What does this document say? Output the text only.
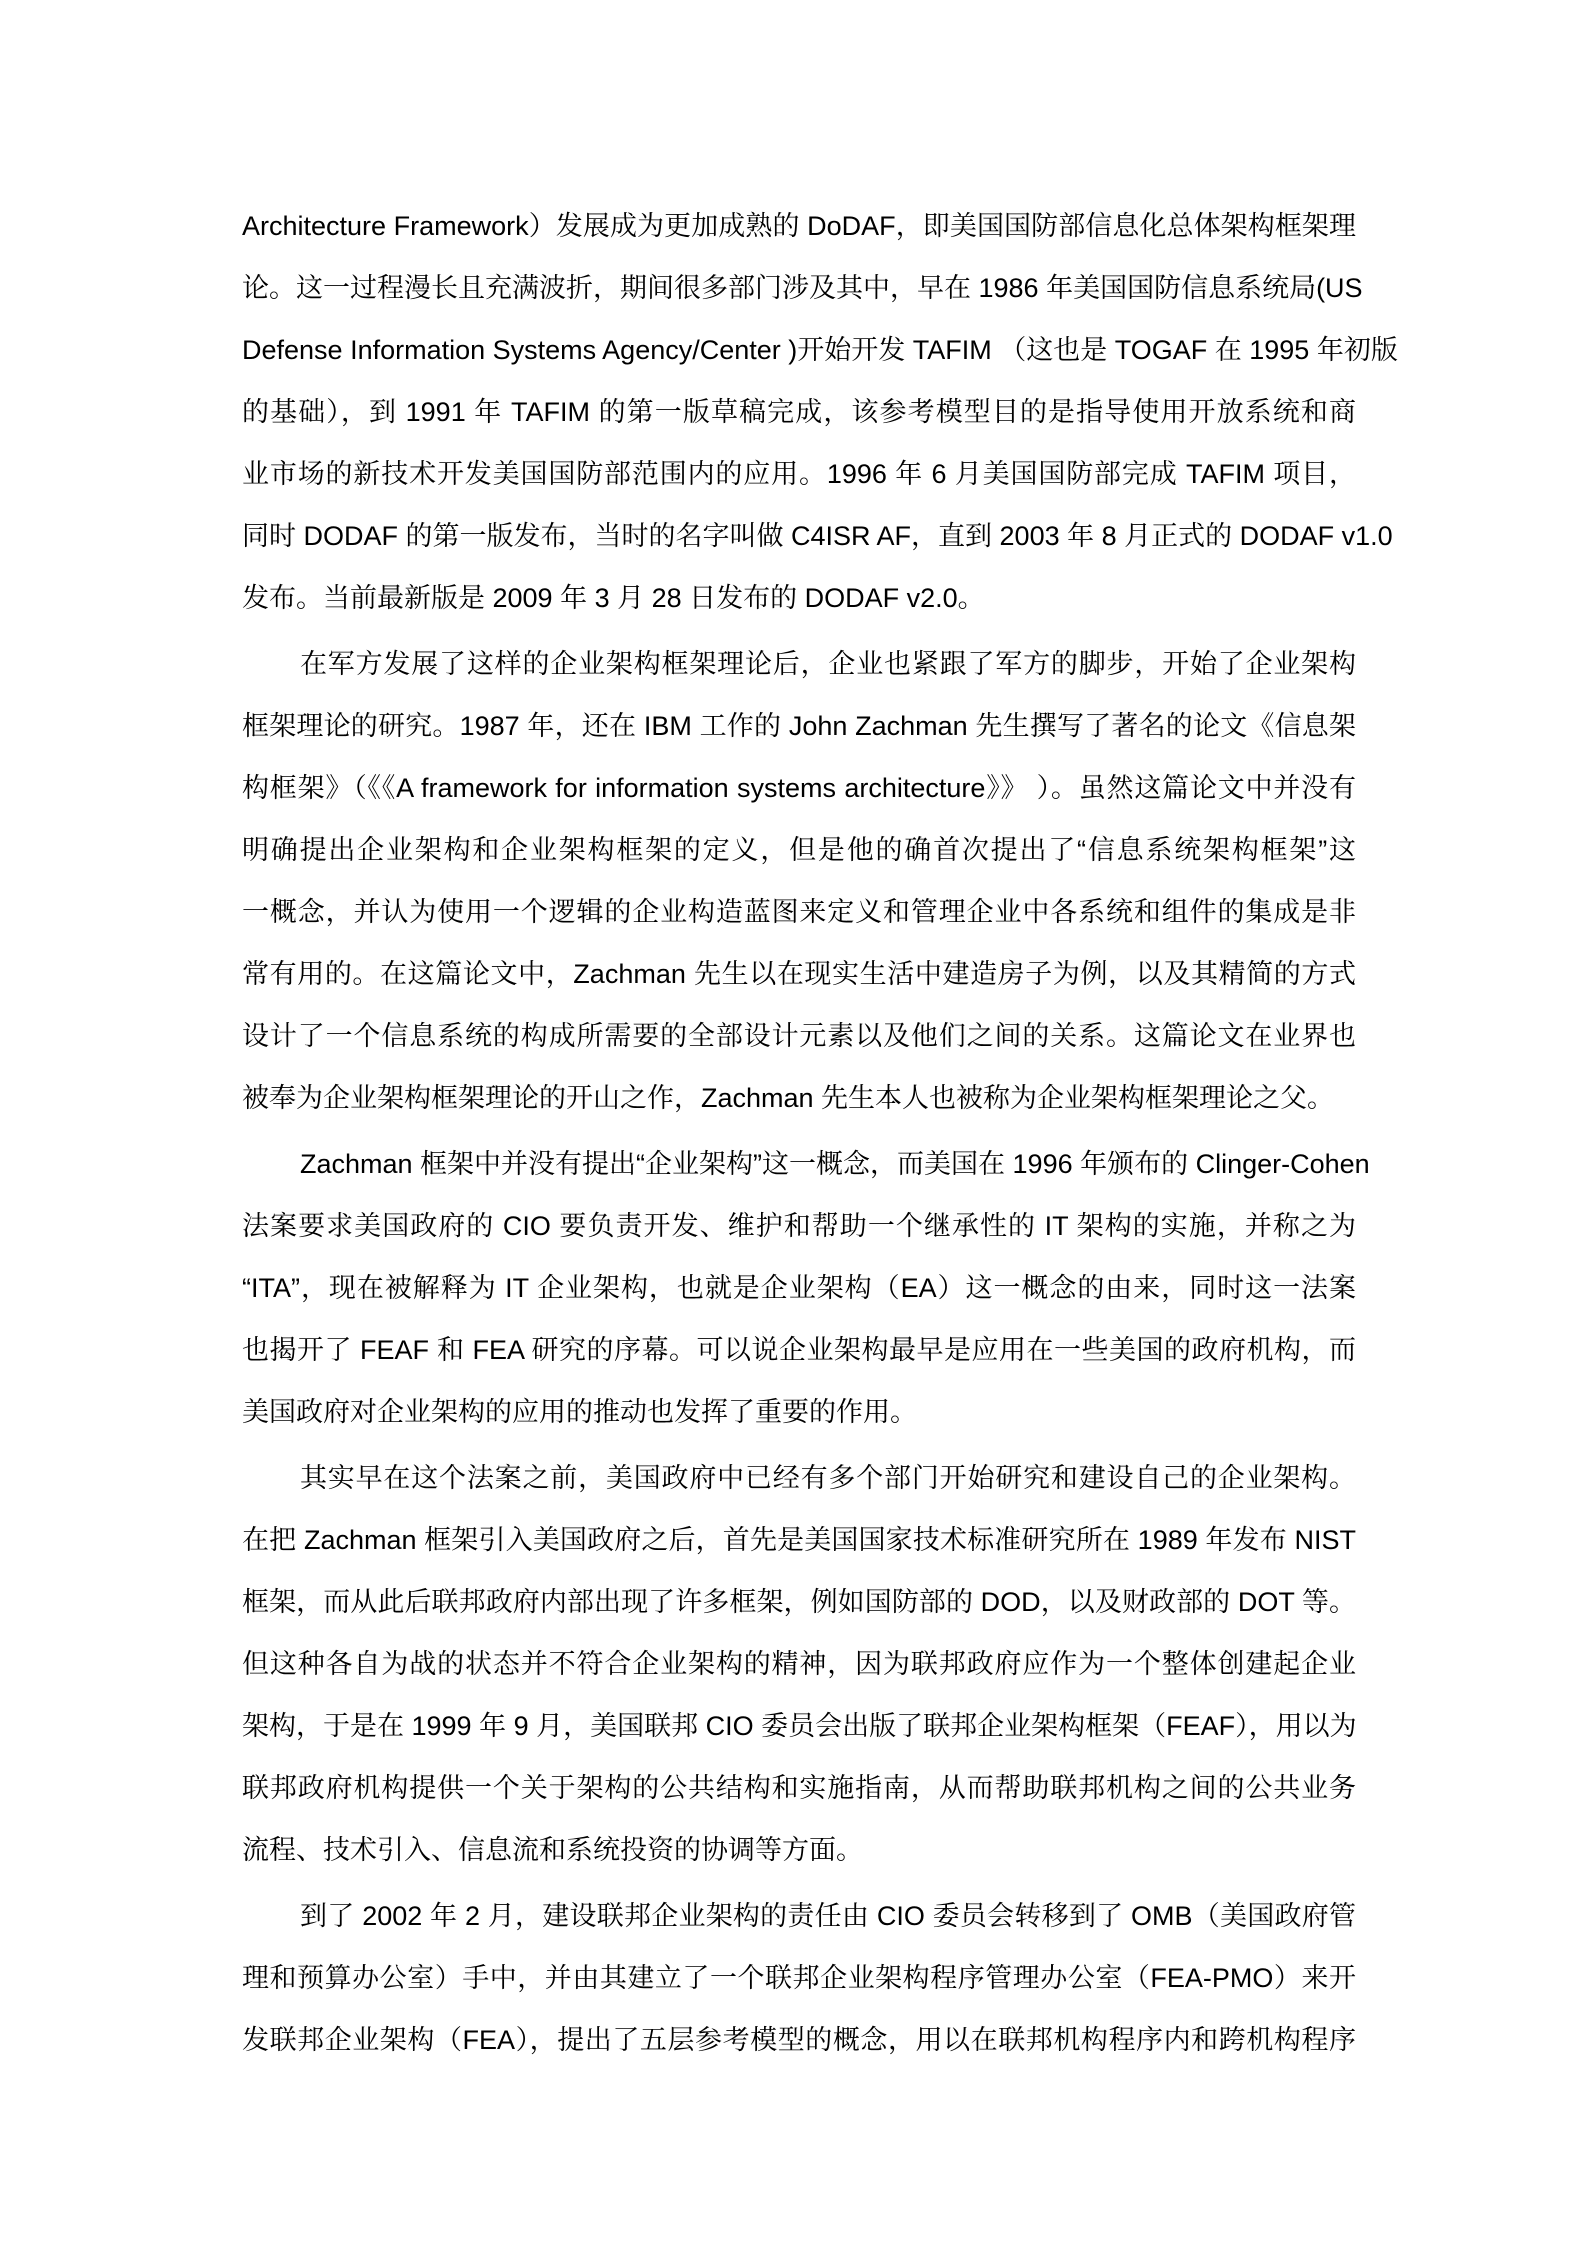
Architecture Framework）发展成为更加成熟的 DoDAF，即美国国防部信息化总体架构框架理
论。这一过程漫长且充满波折，期间很多部门涉及其中，早在 1986 年美国国防信息系统局(US
Defense Information Systems Agency/Center )开始开发 TAFIM （这也是 TOGAF 在 1995 年初版
的基础），到 1991 年 TAFIM 的第一版草稿完成，该参考模型目的是指导使用开放系统和商
业市场的新技术开发美国国防部范围内的应用。1996 年 6 月美国国防部完成 TAFIM 项目，
同时 DODAF 的第一版发布，当时的名字叫做 C4ISR AF，直到 2003 年 8 月正式的 DODAF v1.0
发布。当前最新版是 2009 年 3 月 28 日发布的 DODAF v2.0。
在军方发展了这样的企业架构框架理论后，企业也紧跟了军方的脚步，开始了企业架构
框架理论的研究。1987 年，还在 IBM 工作的 John Zachman 先生撰写了著名的论文《信息架
构框架》（《《A framework for information systems architecture》》 ）。虽然这篇论文中并没有
明确提出企业架构和企业架构框架的定义，但是他的确首次提出了“信息系统架构框架”这
一概念，并认为使用一个逻辑的企业构造蓝图来定义和管理企业中各系统和组件的集成是非
常有用的。在这篇论文中，Zachman 先生以在现实生活中建造房子为例，以及其精简的方式
设计了一个信息系统的构成所需要的全部设计元素以及他们之间的关系。这篇论文在业界也
被奉为企业架构框架理论的开山之作，Zachman 先生本人也被称为企业架构框架理论之父。
Zachman 框架中并没有提出“企业架构”这一概念，而美国在 1996 年颁布的 Clinger-Cohen
法案要求美国政府的 CIO 要负责开发、维护和帮助一个继承性的 IT 架构的实施，并称之为
“ITA”，现在被解释为 IT 企业架构，也就是企业架构（EA）这一概念的由来，同时这一法案
也揭开了 FEAF 和 FEA 研究的序幕。可以说企业架构最早是应用在一些美国的政府机构，而
美国政府对企业架构的应用的推动也发挥了重要的作用。
其实早在这个法案之前，美国政府中已经有多个部门开始研究和建设自己的企业架构。
在把 Zachman 框架引入美国政府之后，首先是美国国家技术标准研究所在 1989 年发布 NIST
框架，而从此后联邦政府内部出现了许多框架，例如国防部的 DOD，以及财政部的 DOT 等。
但这种各自为战的状态并不符合企业架构的精神，因为联邦政府应作为一个整体创建起企业
架构，于是在 1999 年 9 月，美国联邦 CIO 委员会出版了联邦企业架构框架（FEAF），用以为
联邦政府机构提供一个关于架构的公共结构和实施指南，从而帮助联邦机构之间的公共业务
流程、技术引入、信息流和系统投资的协调等方面。
到了 2002 年 2 月，建设联邦企业架构的责任由 CIO 委员会转移到了 OMB（美国政府管
理和预算办公室）手中，并由其建立了一个联邦企业架构程序管理办公室（FEA-PMO）来开
发联邦企业架构（FEA），提出了五层参考模型的概念，用以在联邦机构程序内和跨机构程序
